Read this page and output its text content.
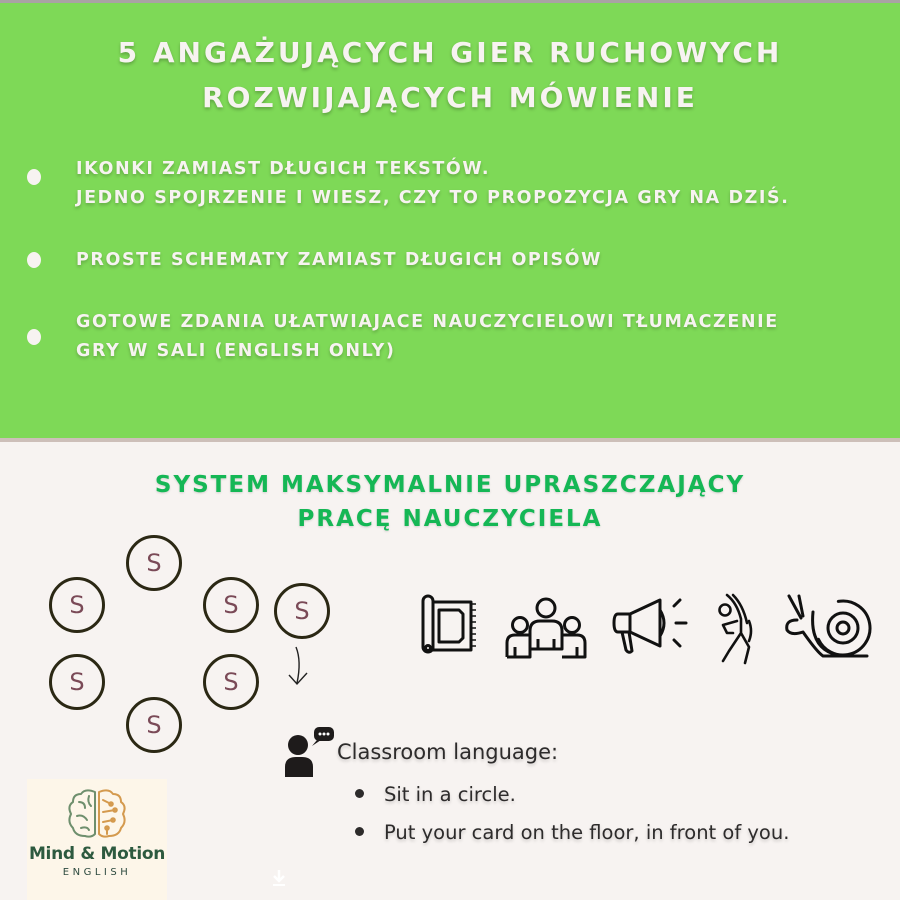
5 ANGAŻUJĄCYCH GIER RUCHOWYCH
ROZWIJAJĄCYCH MÓWIENIE
IKONKI ZAMIAST DŁUGICH TEKSTÓW.
JEDNO SPOJRZENIE I WIESZ, CZY TO PROPOZYCJA GRY NA DZIŚ.
PROSTE SCHEMATY ZAMIAST DŁUGICH OPISÓW
GOTOWE ZDANIA UŁATWIAJACE NAUCZYCIELOWI TŁUMACZENIE
GRY W SALI (ENGLISH ONLY)
SYSTEM MAKSYMALNIE UPRASZCZAJĄCY
PRACĘ NAUCZYCIELA
S
S	S S
S	S
S
Classroom language:
Sit in a circle.
Put your card on the floor, in front of you.
Mind & Motion
ENGLISH
